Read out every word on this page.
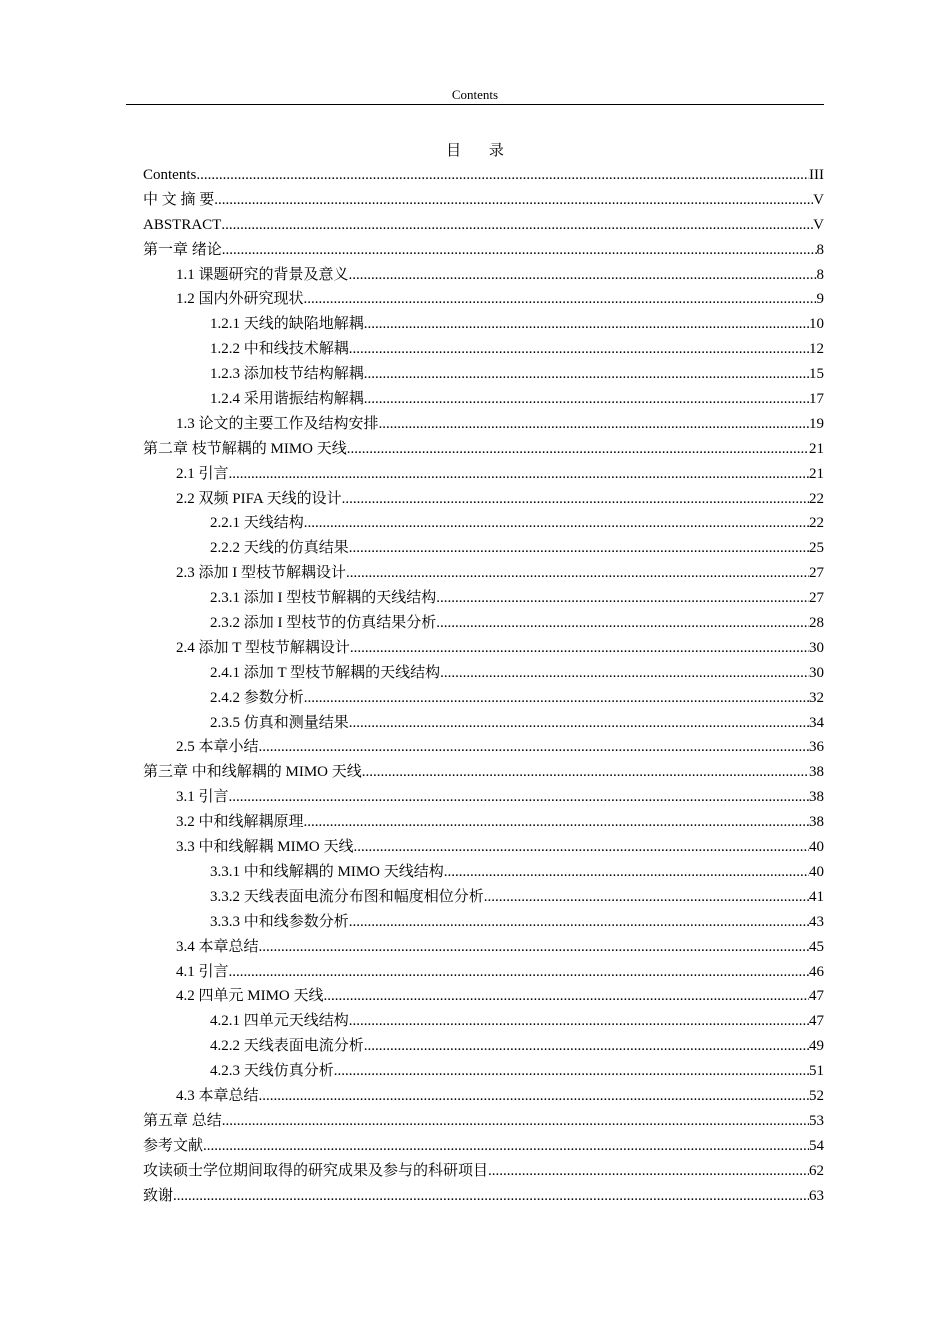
Contents
目 录
Contents .....	III
中 文 摘 要 .....	V
ABSTRACT .....	V
第一章 绪论 .....	8
1.1 课题研究的背景及意义 .....	8
1.2 国内外研究现状 .....	9
1.2.1 天线的缺陷地解耦 .....	10
1.2.2 中和线技术解耦 .....	12
1.2.3 添加枝节结构解耦 .....	15
1.2.4 采用谐振结构解耦 .....	17
1.3 论文的主要工作及结构安排 .....	19
第二章 枝节解耦的 MIMO 天线 .....	21
2.1 引言 .....	21
2.2 双频 PIFA 天线的设计 .....	22
2.2.1 天线结构 .....	22
2.2.2 天线的仿真结果 .....	25
2.3 添加 I 型枝节解耦设计 .....	27
2.3.1 添加 I 型枝节解耦的天线结构 .....	27
2.3.2 添加 I 型枝节的仿真结果分析 .....	28
2.4 添加 T 型枝节解耦设计 .....	30
2.4.1 添加 T 型枝节解耦的天线结构 .....	30
2.4.2 参数分析 .....	32
2.3.5 仿真和测量结果 .....	34
2.5 本章小结 .....	36
第三章 中和线解耦的 MIMO 天线 .....	38
3.1 引言 .....	38
3.2 中和线解耦原理 .....	38
3.3 中和线解耦 MIMO 天线 .....	40
3.3.1 中和线解耦的 MIMO 天线结构 .....	40
3.3.2 天线表面电流分布图和幅度相位分析 .....	41
3.3.3 中和线参数分析 .....	43
3.4 本章总结 .....	45
4.1 引言 .....	46
4.2 四单元 MIMO 天线 .....	47
4.2.1 四单元天线结构 .....	47
4.2.2 天线表面电流分析 .....	49
4.2.3 天线仿真分析 .....	51
4.3 本章总结 .....	52
第五章 总结 .....	53
参考文献 .....	54
攻读硕士学位期间取得的研究成果及参与的科研项目 .....	62
致谢 .....	63
